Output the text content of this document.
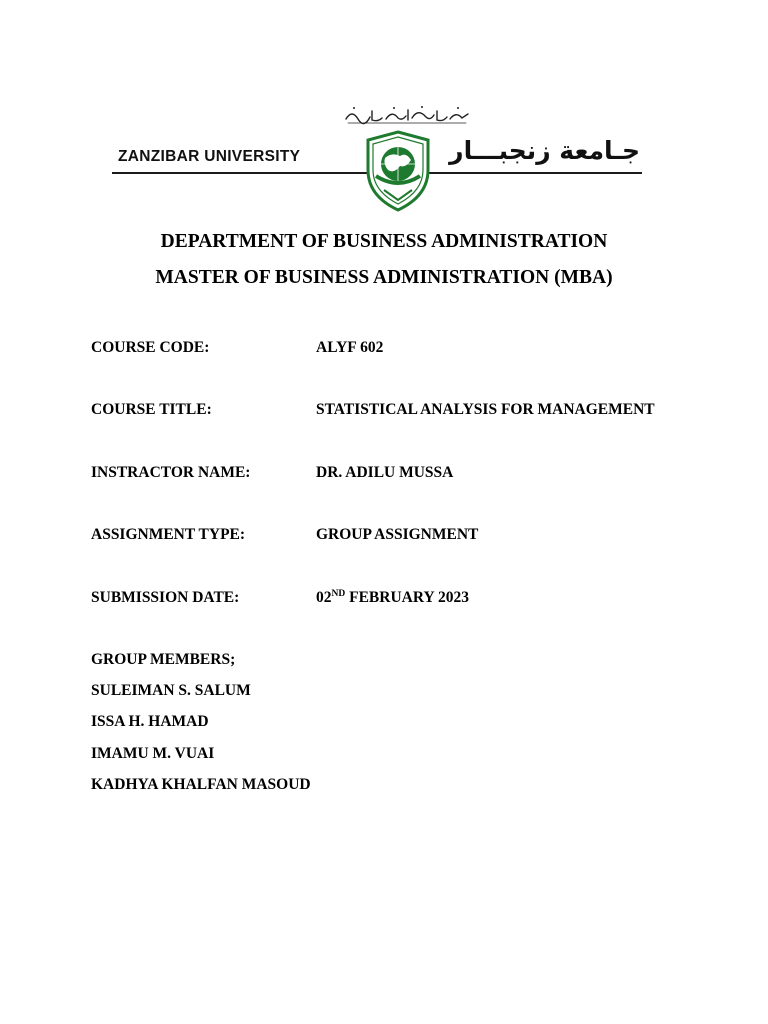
ZANZIBAR UNIVERSITY	جـامعة زنجبـــار
DEPARTMENT OF BUSINESS ADMINISTRATION
MASTER OF BUSINESS ADMINISTRATION (MBA)
COURSE CODE:	ALYF 602
COURSE TITLE:	STATISTICAL ANALYSIS FOR MANAGEMENT
INSTRACTOR NAME:	DR. ADILU MUSSA
ASSIGNMENT TYPE:	GROUP ASSIGNMENT
SUBMISSION DATE:	02ND FEBRUARY 2023
GROUP MEMBERS;
SULEIMAN S. SALUM
ISSA H. HAMAD
IMAMU M. VUAI
KADHYA KHALFAN MASOUD
